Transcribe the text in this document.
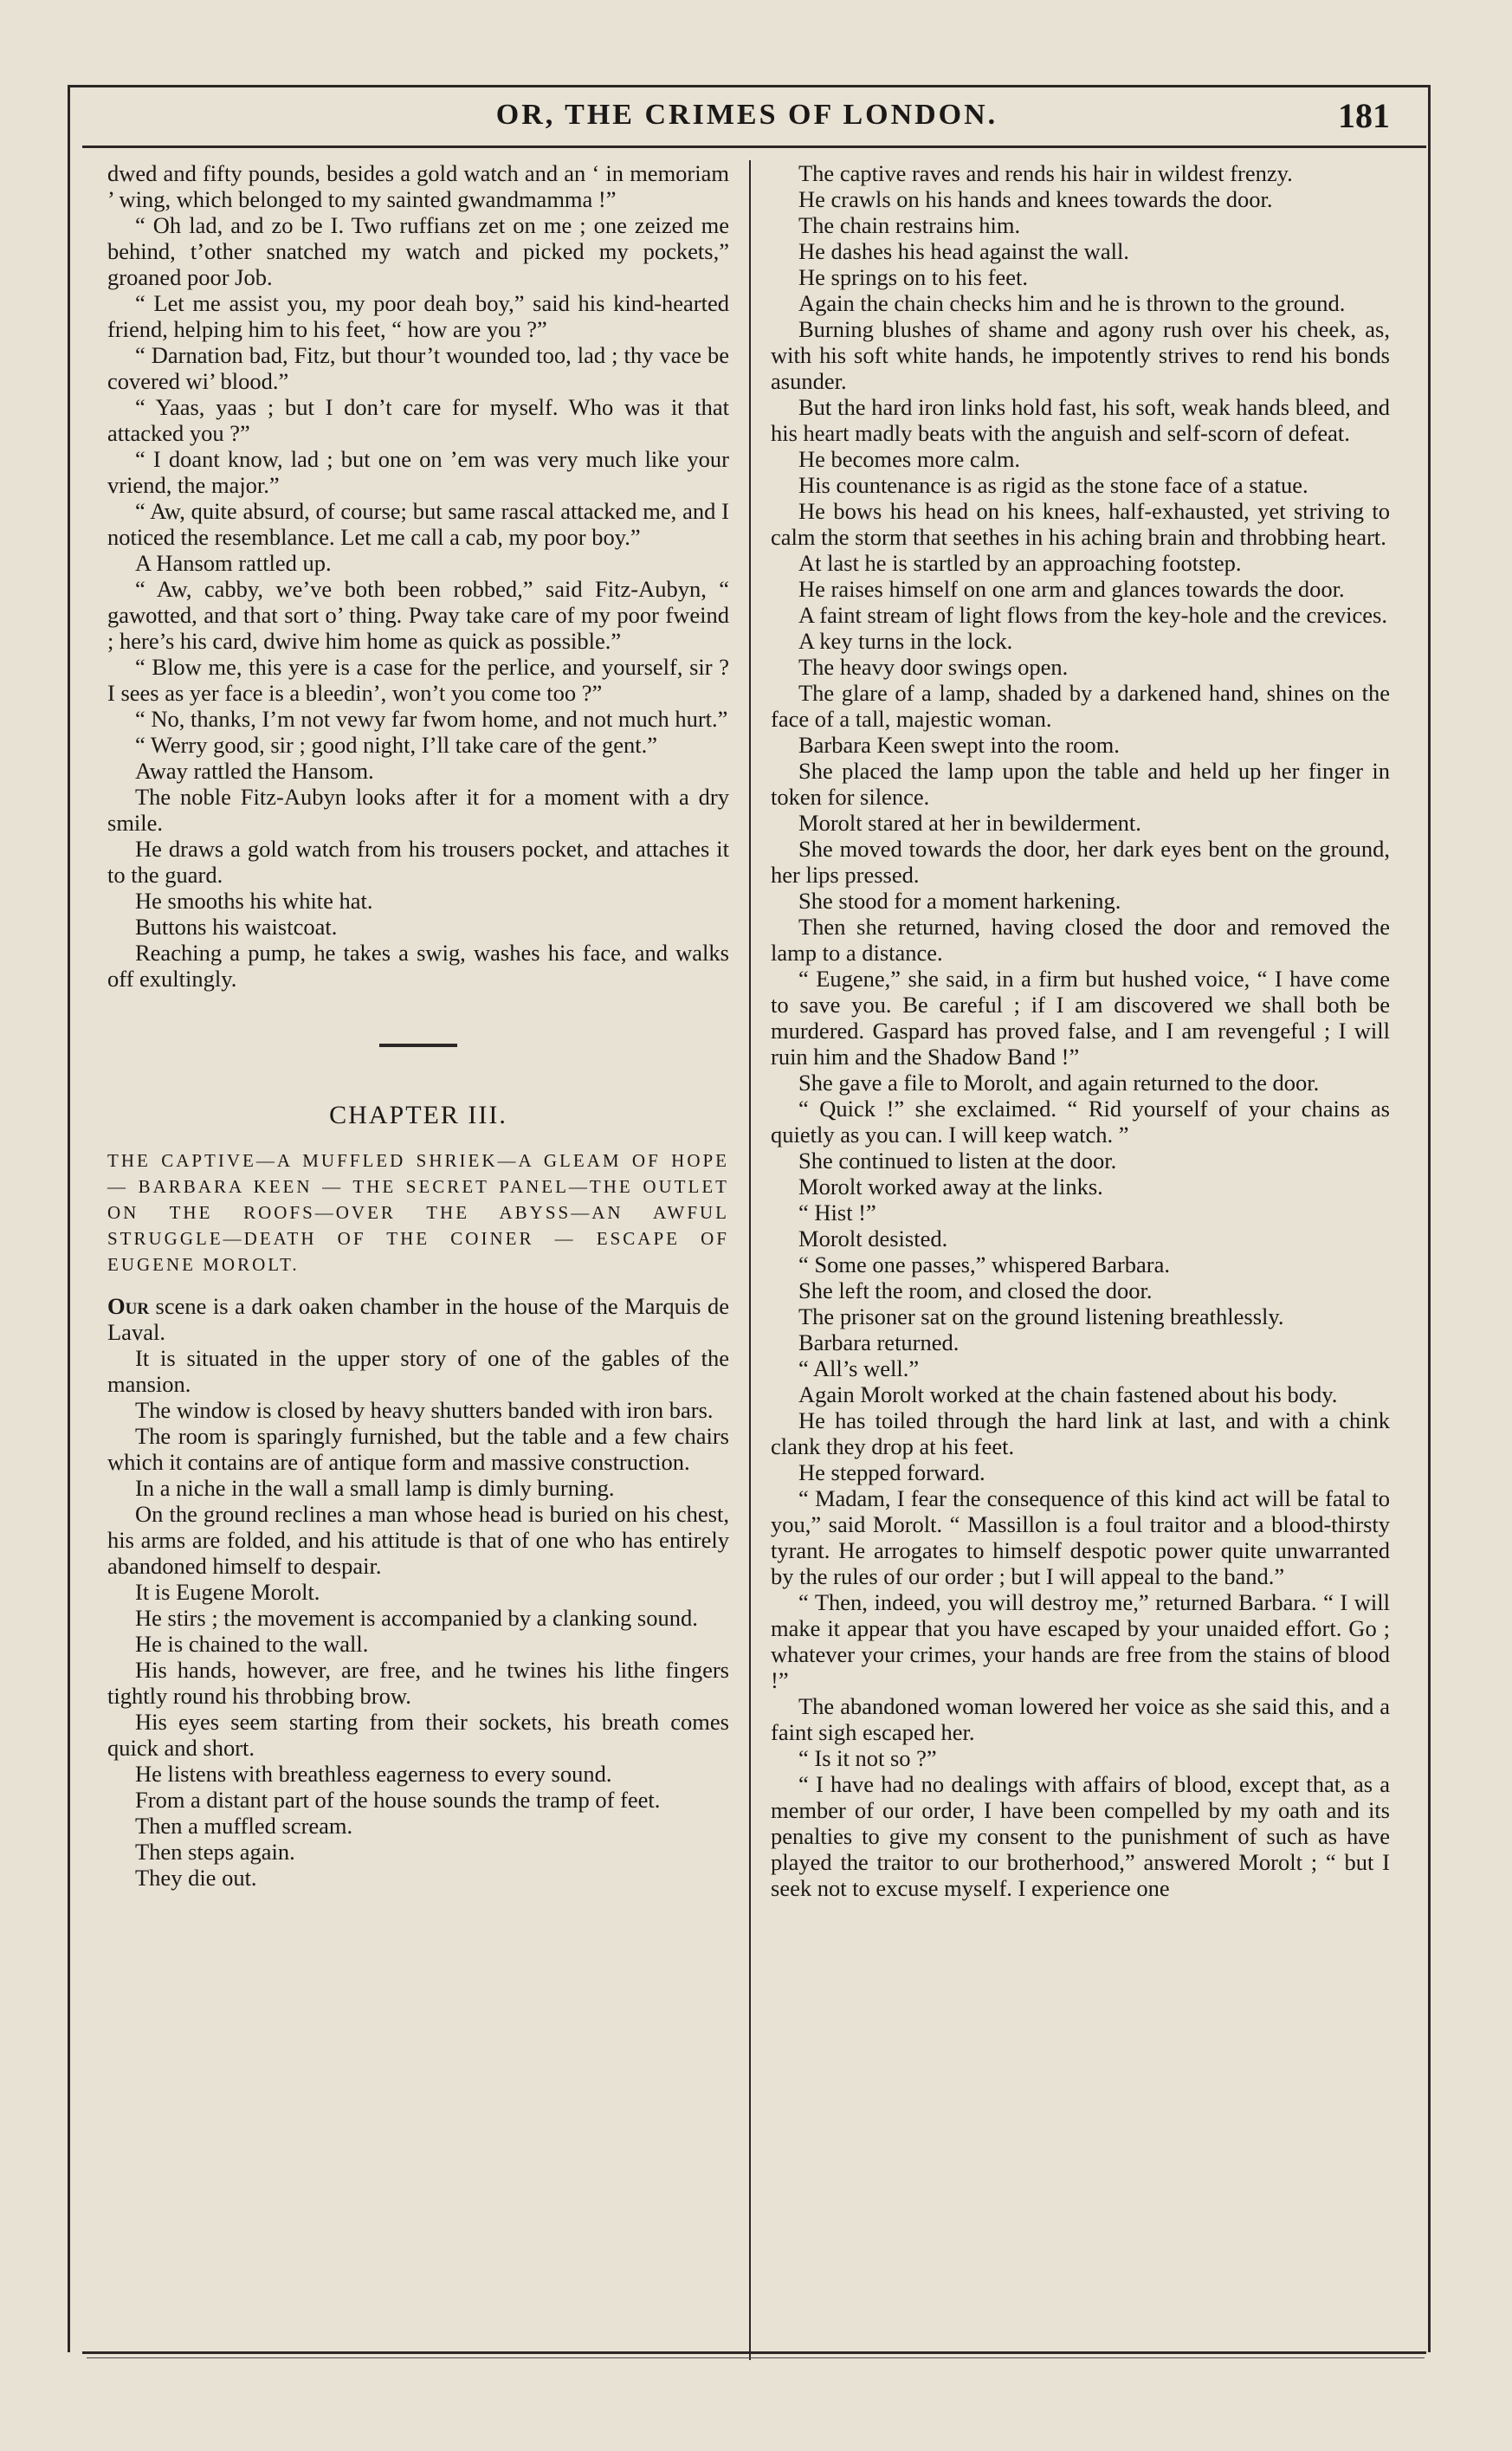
OR, THE CRIMES OF LONDON.	181

dwed and fifty pounds, besides a gold watch and an ‘ in memoriam ’ wing, which belonged to my sainted gwandmamma !”

“ Oh lad, and zo be I. Two ruffians zet on me ; one zeized me behind, t’other snatched my watch and picked my pockets,” groaned poor Job.

“ Let me assist you, my poor deah boy,” said his kind-hearted friend, helping him to his feet, “ how are you ?”

“ Darnation bad, Fitz, but thour’t wounded too, lad ; thy vace be covered wi’ blood.”

“ Yaas, yaas ; but I don’t care for myself. Who was it that attacked you ?”

“ I doant know, lad ; but one on ’em was very much like your vriend, the major.”

“ Aw, quite absurd, of course; but same rascal attacked me, and I noticed the resemblance. Let me call a cab, my poor boy.”

A Hansom rattled up.

“ Aw, cabby, we’ve both been robbed,” said Fitz-Aubyn, “ gawotted, and that sort o’ thing. Pway take care of my poor fweind ; here’s his card, dwive him home as quick as possible.”

“ Blow me, this yere is a case for the perlice, and yourself, sir ? I sees as yer face is a bleedin’, won’t you come too ?”

“ No, thanks, I’m not vewy far fwom home, and not much hurt.”

“ Werry good, sir ; good night, I’ll take care of the gent.”

Away rattled the Hansom.

The noble Fitz-Aubyn looks after it for a moment with a dry smile.

He draws a gold watch from his trousers pocket, and attaches it to the guard.

He smooths his white hat.

Buttons his waistcoat.

Reaching a pump, he takes a swig, washes his face, and walks off exultingly.

CHAPTER III.
THE CAPTIVE—A MUFFLED SHRIEK—A GLEAM OF HOPE — BARBARA KEEN — THE SECRET PANEL—THE OUTLET ON THE ROOFS—OVER THE ABYSS—AN AWFUL STRUGGLE—DEATH OF THE COINER — ESCAPE OF EUGENE MOROLT.

Our scene is a dark oaken chamber in the house of the Marquis de Laval.

It is situated in the upper story of one of the gables of the mansion.

The window is closed by heavy shutters banded with iron bars.

The room is sparingly furnished, but the table and a few chairs which it contains are of antique form and massive construction.

In a niche in the wall a small lamp is dimly burning.

On the ground reclines a man whose head is buried on his chest, his arms are folded, and his attitude is that of one who has entirely abandoned himself to despair.

It is Eugene Morolt.

He stirs ; the movement is accompanied by a clanking sound.

He is chained to the wall.

His hands, however, are free, and he twines his lithe fingers tightly round his throbbing brow.

His eyes seem starting from their sockets, his breath comes quick and short.

He listens with breathless eagerness to every sound.

From a distant part of the house sounds the tramp of feet.

Then a muffled scream.

Then steps again.

They die out.

The captive raves and rends his hair in wildest frenzy.

He crawls on his hands and knees towards the door.

The chain restrains him.

He dashes his head against the wall.

He springs on to his feet.

Again the chain checks him and he is thrown to the ground.

Burning blushes of shame and agony rush over his cheek, as, with his soft white hands, he impotently strives to rend his bonds asunder.

But the hard iron links hold fast, his soft, weak hands bleed, and his heart madly beats with the anguish and self-scorn of defeat.

He becomes more calm.

His countenance is as rigid as the stone face of a statue.

He bows his head on his knees, half-exhausted, yet striving to calm the storm that seethes in his aching brain and throbbing heart.

At last he is startled by an approaching footstep.

He raises himself on one arm and glances towards the door.

A faint stream of light flows from the key-hole and the crevices.

A key turns in the lock.

The heavy door swings open.

The glare of a lamp, shaded by a darkened hand, shines on the face of a tall, majestic woman.

Barbara Keen swept into the room.

She placed the lamp upon the table and held up her finger in token for silence.

Morolt stared at her in bewilderment.

She moved towards the door, her dark eyes bent on the ground, her lips pressed.

She stood for a moment harkening.

Then she returned, having closed the door and removed the lamp to a distance.

“ Eugene,” she said, in a firm but hushed voice, “ I have come to save you. Be careful ; if I am discovered we shall both be murdered. Gaspard has proved false, and I am revengeful ; I will ruin him and the Shadow Band !”

She gave a file to Morolt, and again returned to the door.

“ Quick !” she exclaimed. “ Rid yourself of your chains as quietly as you can. I will keep watch. ”

She continued to listen at the door.

Morolt worked away at the links.

“ Hist !”

Morolt desisted.

“ Some one passes,” whispered Barbara.

She left the room, and closed the door.

The prisoner sat on the ground listening breathlessly.

Barbara returned.

“ All’s well.”

Again Morolt worked at the chain fastened about his body.

He has toiled through the hard link at last, and with a chink clank they drop at his feet.

He stepped forward.

“ Madam, I fear the consequence of this kind act will be fatal to you,” said Morolt. “ Massillon is a foul traitor and a blood-thirsty tyrant. He arrogates to himself despotic power quite unwarranted by the rules of our order ; but I will appeal to the band.”

“ Then, indeed, you will destroy me,” returned Barbara. “ I will make it appear that you have escaped by your unaided effort. Go ; whatever your crimes, your hands are free from the stains of blood !”

The abandoned woman lowered her voice as she said this, and a faint sigh escaped her.

“ Is it not so ?”

“ I have had no dealings with affairs of blood, except that, as a member of our order, I have been compelled by my oath and its penalties to give my consent to the punishment of such as have played the traitor to our brotherhood,” answered Morolt ; “ but I seek not to excuse myself. I experience one
